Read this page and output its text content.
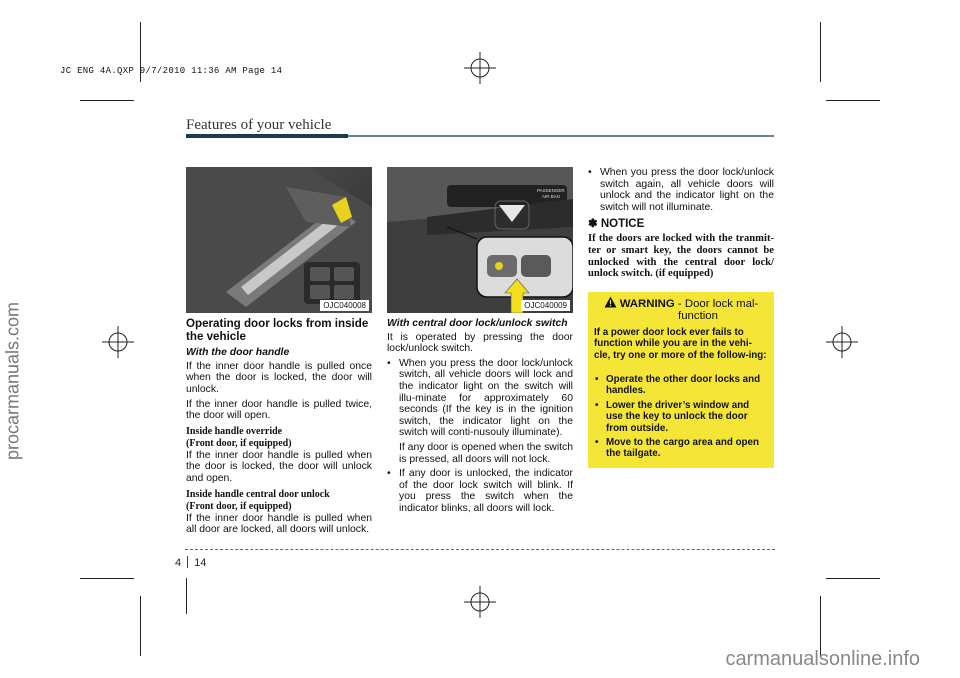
JC ENG 4A.QXP 9/7/2010 11:36 AM Page 14
procarmanuals.com
carmanualsonline.info
Features of your vehicle
OJC040008
PASSENGER
AIR BAG
OJC040009
Operating door locks from inside the vehicle
With the door handle

If the inner door handle is pulled once when the door is locked, the door will unlock.

If the inner door handle is pulled twice, the door will open.

Inside handle override
(Front door, if equipped)

If the inner door handle is pulled when the door is locked, the door will unlock and open.

Inside handle central door unlock
(Front door, if equipped)

If the inner door handle is pulled when all door are locked, all doors will unlock.

With central door lock/unlock switch

It is operated by pressing the door lock/unlock switch.

• When you press the door lock/unlock switch, all vehicle doors will lock and the indicator light on the switch will illu-minate for approximately 60 seconds (If the key is in the ignition switch, the indicator light on the switch will conti-nusouly illuminate).
If any door is opened when the switch is pressed, all doors will not lock.
• If any door is unlocked, the indicator of the door lock switch will blink. If you press the switch when the indicator blinks, all doors will lock.
• When you press the door lock/unlock switch again, all vehicle doors will unlock and the indicator light on the switch will not illuminate.
✽ NOTICE
If the doors are locked with the tranmit-ter or smart key, the doors cannot be unlocked with the central door lock/ unlock switch. (if equipped)
WARNING - Door lock mal-
function
If a power door lock ever fails to function while you are in the vehi-cle, try one or more of the follow-ing:
• Operate the other door locks and handles.
• Lower the driver’s window and use the key to unlock the door from outside.
• Move to the cargo area and open the tailgate.
4 14
